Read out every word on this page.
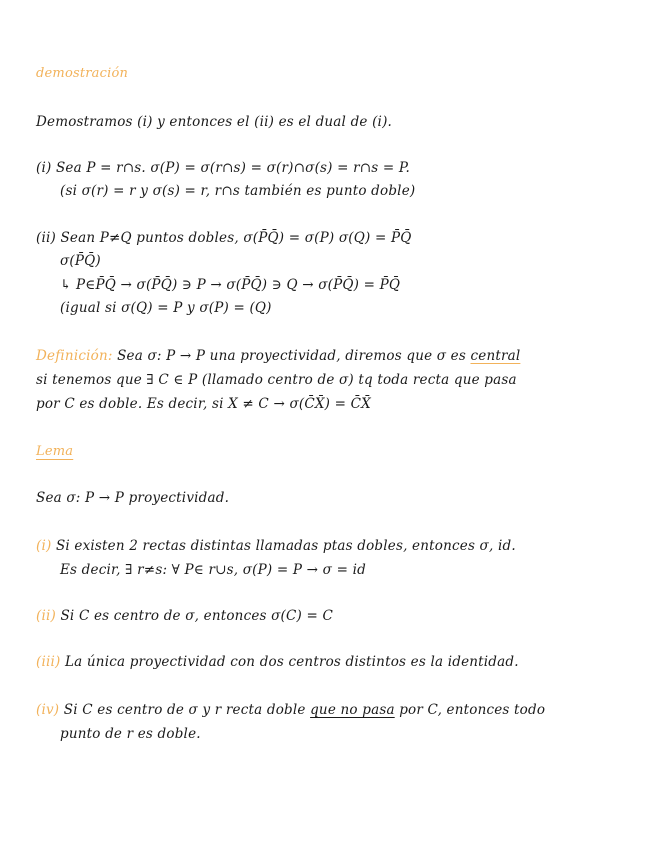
demostración
Demostramos (i) y entonces el (ii) es el dual de (i).
(i) Sea P = r∩s. σ(P) = σ(r∩s) = σ(r)∩σ(s) = r∩s = P.
(si σ(r) = r y σ(s) = r, r∩s también es punto doble)
(ii) Sean P≠Q puntos dobles, σ(P̄Q̄) = σ(P) σ(Q) = P̄Q̄
σ(P̄Q̄)
↳ P∈P̄Q̄ → σ(P̄Q̄) ∋ P → σ(P̄Q̄) ∋ Q → σ(P̄Q̄) = P̄Q̄
(igual si σ(Q) = P y σ(P) = (Q)
Definición: Sea σ: P → P una proyectividad, diremos que σ es central
si tenemos que ∃ C ∈ P (llamado centro de σ) tq toda recta que pasa
por C es doble. Es decir, si X ≠ C → σ(C̄X̄) = C̄X̄
Lema
Sea σ: P → P proyectividad.
(i) Si existen 2 rectas distintas llamadas ptas dobles, entonces σ, id.
Es decir, ∃ r≠s: ∀ P∈ r∪s, σ(P) = P → σ = id
(ii) Si C es centro de σ, entonces σ(C) = C
(iii) La única proyectividad con dos centros distintos es la identidad.
(iv) Si C es centro de σ y r recta doble que no pasa por C, entonces todo
punto de r es doble.
